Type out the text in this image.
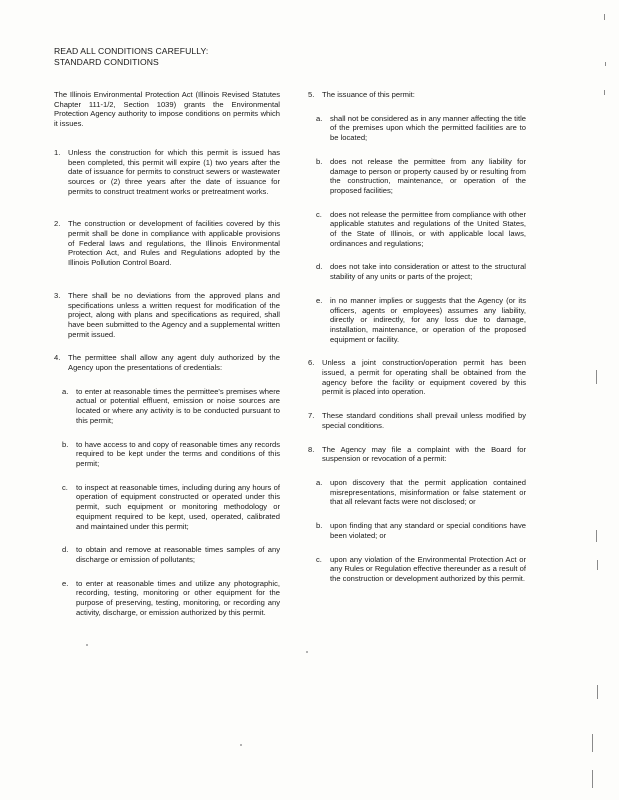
READ ALL CONDITIONS CAREFULLY:
STANDARD CONDITIONS

The Illinois Environmental Protection Act (Illinois Revised Statutes Chapter 111-1/2, Section 1039) grants the Environmental Protection Agency authority to impose conditions on permits which it issues.

1. Unless the construction for which this permit is issued has been completed, this permit will expire (1) two years after the date of issuance for permits to construct sewers or wastewater sources or (2) three years after the date of issuance for permits to construct treatment works or pretreatment works.
2. The construction or development of facilities covered by this permit shall be done in compliance with applicable provisions of Federal laws and regulations, the Illinois Environmental Protection Act, and Rules and Regulations adopted by the Illinois Pollution Control Board.
3. There shall be no deviations from the approved plans and specifications unless a written request for modification of the project, along with plans and specifications as required, shall have been submitted to the Agency and a supplemental written permit issued.
4. The permittee shall allow any agent duly authorized by the Agency upon the presentations of credentials:
a. to enter at reasonable times the permittee's premises where actual or potential effluent, emission or noise sources are located or where any activity is to be conducted pursuant to this permit;
b. to have access to and copy of reasonable times any records required to be kept under the terms and conditions of this permit;
c. to inspect at reasonable times, including during any hours of operation of equipment constructed or operated under this permit, such equipment or monitoring methodology or equipment required to be kept, used, operated, calibrated and maintained under this permit;
d. to obtain and remove at reasonable times samples of any discharge or emission of pollutants;
e. to enter at reasonable times and utilize any photographic, recording, testing, monitoring or other equipment for the purpose of preserving, testing, monitoring, or recording any activity, discharge, or emission authorized by this permit.
5. The issuance of this permit:
a. shall not be considered as in any manner affecting the title of the premises upon which the permitted facilities are to be located;
b. does not release the permittee from any liability for damage to person or property caused by or resulting from the construction, maintenance, or operation of the proposed facilities;
c. does not release the permittee from compliance with other applicable statutes and regulations of the United States, of the State of Illinois, or with applicable local laws, ordinances and regulations;
d. does not take into consideration or attest to the structural stability of any units or parts of the project;
e. in no manner implies or suggests that the Agency (or its officers, agents or employees) assumes any liability, directly or indirectly, for any loss due to damage, installation, maintenance, or operation of the proposed equipment or facility.
6. Unless a joint construction/operation permit has been issued, a permit for operating shall be obtained from the agency before the facility or equipment covered by this permit is placed into operation.
7. These standard conditions shall prevail unless modified by special conditions.
8. The Agency may file a complaint with the Board for suspension or revocation of a permit:
a. upon discovery that the permit application contained misrepresentations, misinformation or false statement or that all relevant facts were not disclosed; or
b. upon finding that any standard or special conditions have been violated; or
c. upon any violation of the Environmental Protection Act or any Rules or Regulation effective thereunder as a result of the construction or development authorized by this permit.
